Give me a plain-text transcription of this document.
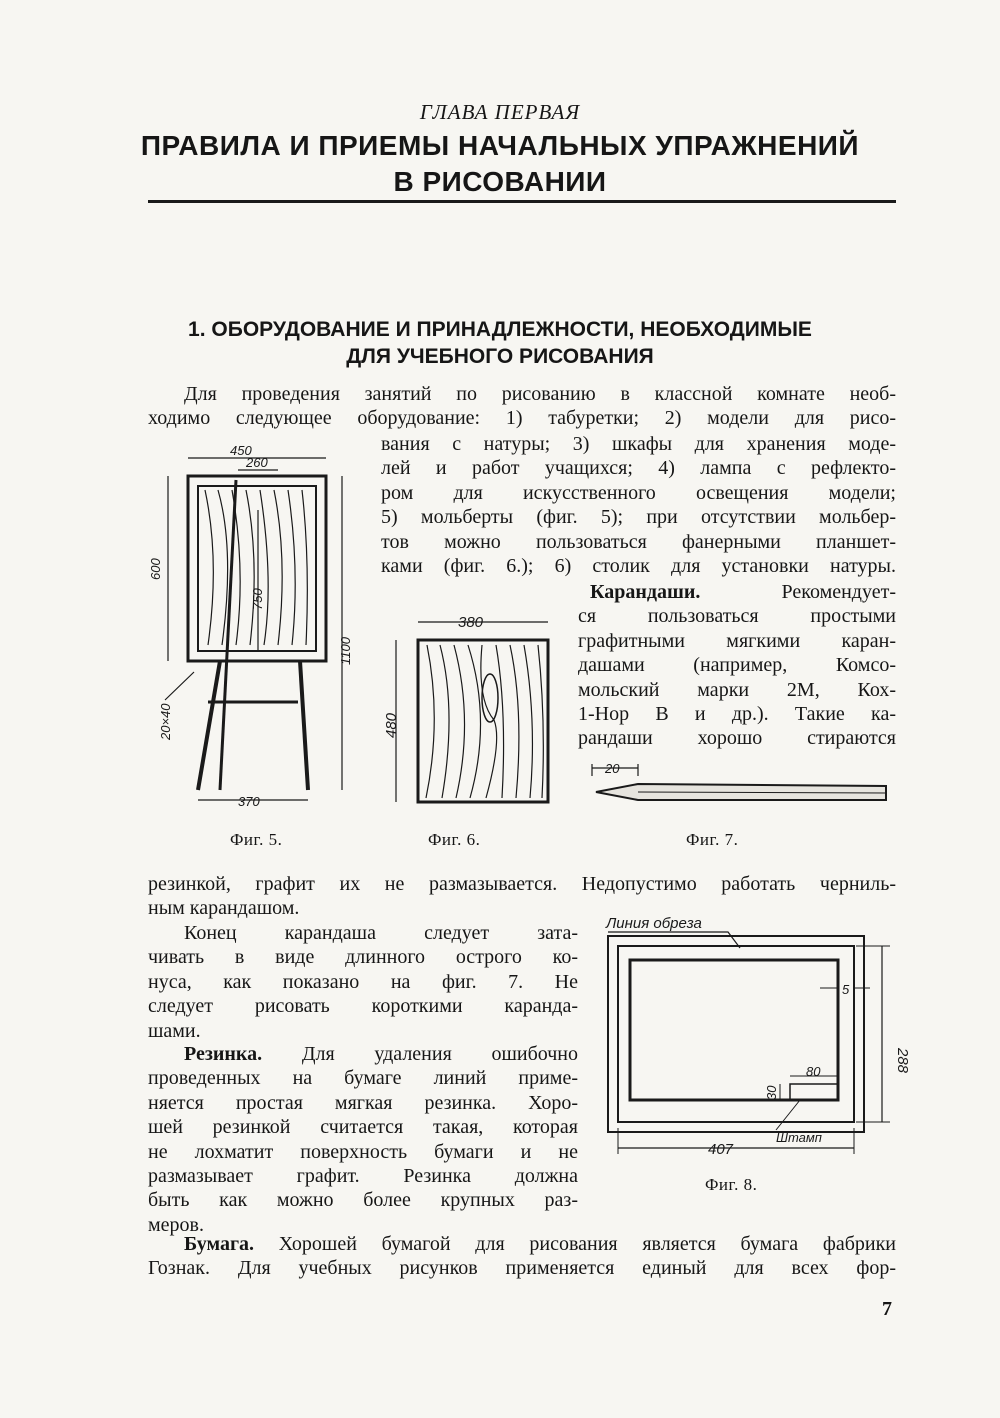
ГЛАВА ПЕРВАЯ
ПРАВИЛА И ПРИЕМЫ НАЧАЛЬНЫХ УПРАЖНЕНИЙ
В РИСОВАНИИ
1. ОБОРУДОВАНИЕ И ПРИНАДЛЕЖНОСТИ, НЕОБХОДИМЫЕ
ДЛЯ УЧЕБНОГО РИСОВАНИЯ
Для проведения занятий по рисованию в классной комнате необ-
ходимо следующее оборудование: 1) табуретки; 2) модели для рисо-
вания с натуры; 3) шкафы для хранения моде-
лей и работ учащихся; 4) лампа с рефлекто-
ром для искусственного освещения модели;
5) мольберты (фиг. 5); при отсутствии мольбер-
тов можно пользоваться фанерными планшет-
ками (фиг. 6.); 6) столик для установки натуры.
Карандаши.	Рекомендует-
ся пользоваться простыми
графитными мягкими каран-
дашами (например, Комсо-
мольский марки 2М, Кох-
1-Нор В и др.). Такие ка-
рандаши хорошо стираются
450
260
600
750
1100
20×40
370
380
480
20
Фиг. 5.	Фиг. 6.	Фиг. 7.
резинкой, графит их не размазывается. Недопустимо работать черниль-
ным карандашом.
Конец карандаша следует зата-
чивать в виде длинного острого ко-
нуса, как показано на фиг. 7. Не
следует рисовать короткими каранда-
шами.
Резинка. Для удаления ошибочно
проведенных на бумаге линий приме-
няется простая мягкая резинка. Хоро-
шей резинкой считается такая, которая
не лохматит поверхность бумаги и не
размазывает графит. Резинка должна
быть как можно более крупных раз-
меров.
Линия обреза
5
288
80
30
Штамп
407
Фиг. 8.
Бумага. Хорошей бумагой для рисования является бумага фабрики
Гознак. Для учебных рисунков применяется единый для всех фор-
7
